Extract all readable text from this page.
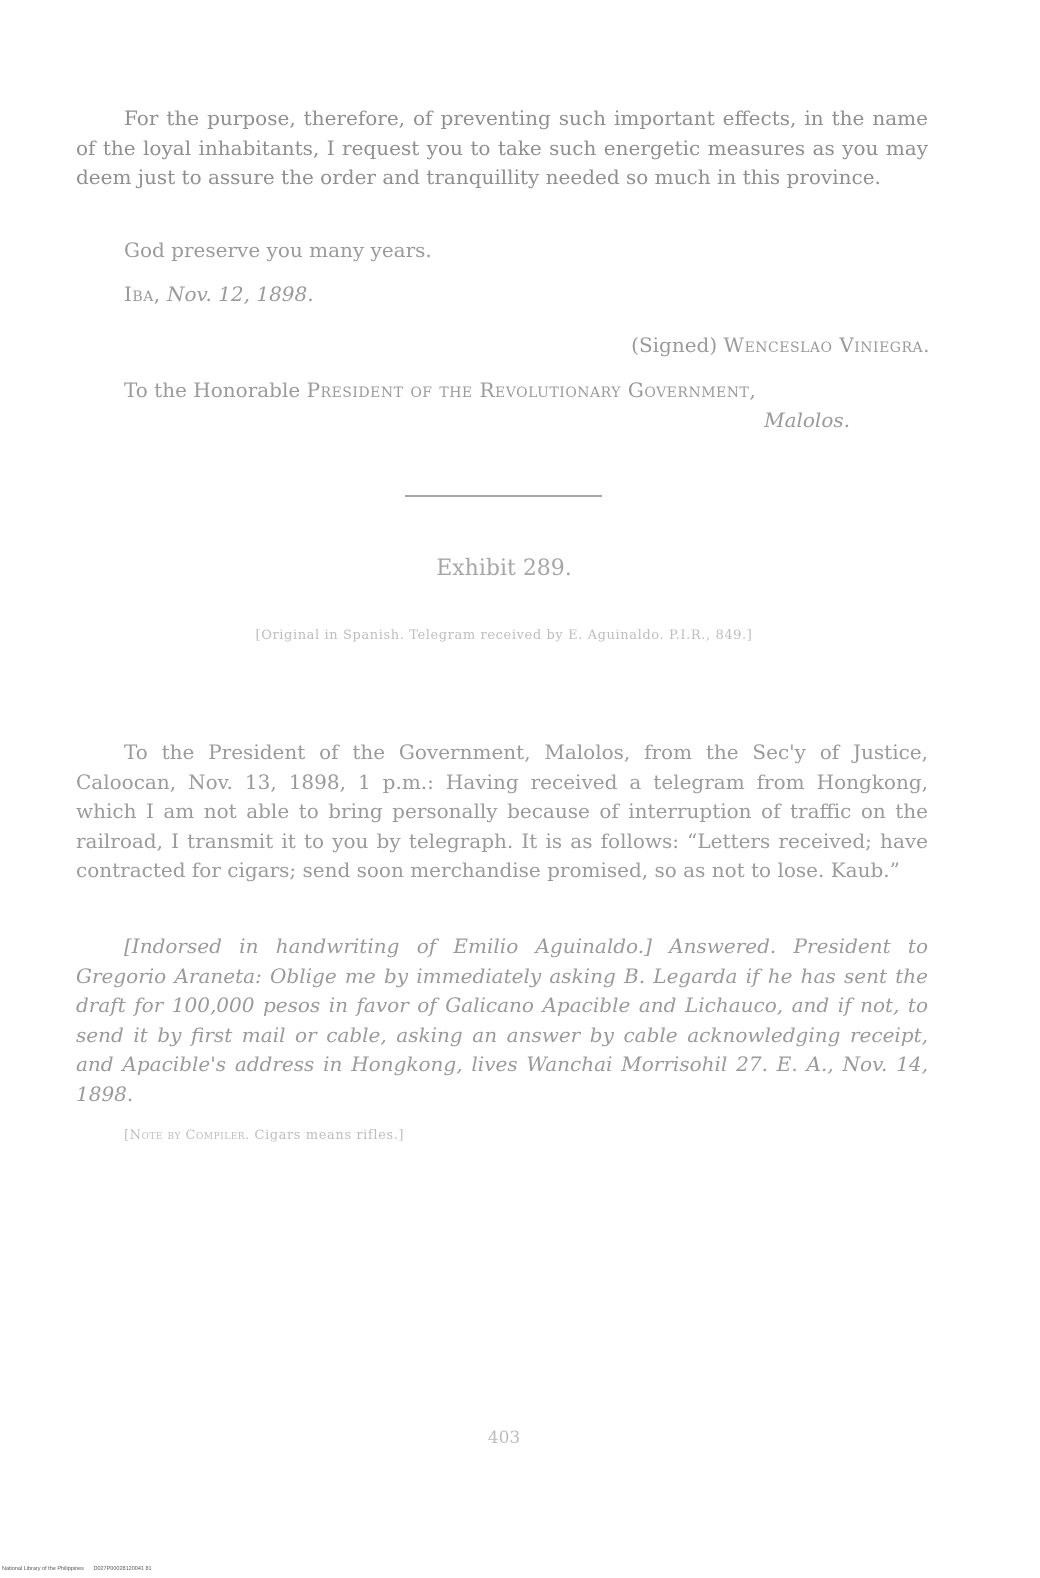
For the purpose, therefore, of preventing such important effects, in the name of the loyal inhabitants, I request you to take such energetic measures as you may deem just to assure the order and tranquillity needed so much in this province.

God preserve you many years.
Iba, Nov. 12, 1898.
(Signed) Wenceslao Viniegra.
To the Honorable President of the Revolutionary Government,
Malolos.
Exhibit 289.
[Original in Spanish. Telegram received by E. Aguinaldo. P.I.R., 849.]

To the President of the Government, Malolos, from the Sec'y of Justice, Caloocan, Nov. 13, 1898, 1 p.m.: Having received a telegram from Hongkong, which I am not able to bring personally because of interruption of traffic on the railroad, I transmit it to you by telegraph. It is as follows: “Letters received; have contracted for cigars; send soon merchandise promised, so as not to lose. Kaub.”

[Indorsed in handwriting of Emilio Aguinaldo.] Answered. President to Gregorio Araneta: Oblige me by immediately asking B. Legarda if he has sent the draft for 100,000 pesos in favor of Galicano Apacible and Lichauco, and if not, to send it by first mail or cable, asking an answer by cable acknowledging receipt, and Apacible's address in Hongkong, lives Wanchai Morrisohil 27. E. A., Nov. 14, 1898.

[Note by Compiler. Cigars means rifles.]
403
National Library of the Philippines D027P00028120041 81
